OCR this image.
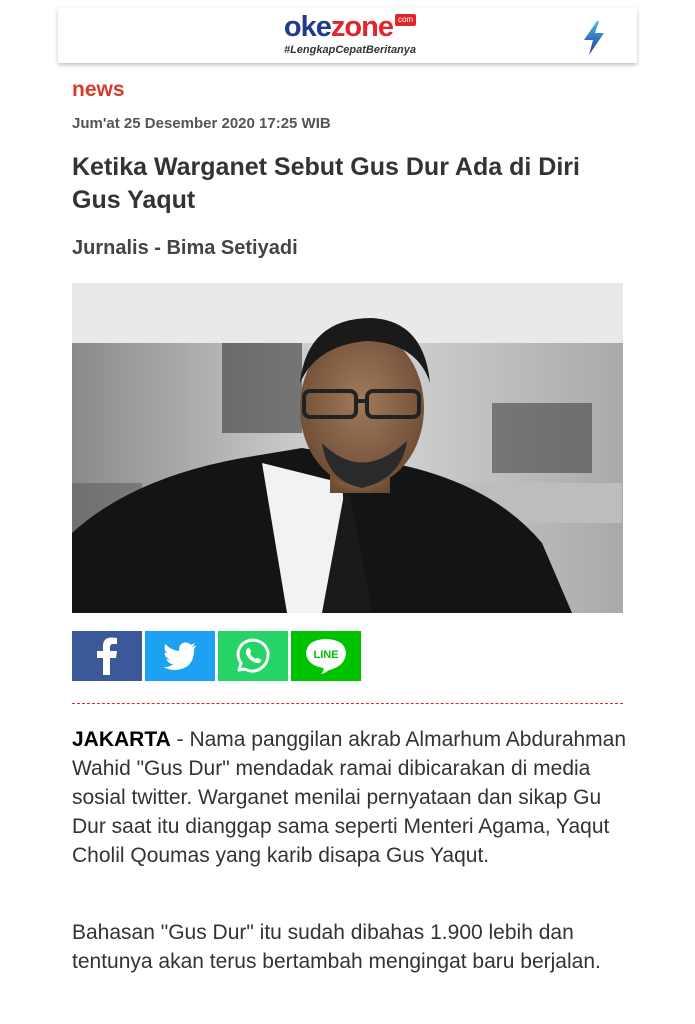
okezone com
#LengkapCepatBeritanya
news
Jum'at 25 Desember 2020 17:25 WIB
Ketika Warganet Sebut Gus Dur Ada di Diri Gus Yaqut
Jurnalis - Bima Setiyadi
LINE

JAKARTA - Nama panggilan akrab Almarhum Abdurahman Wahid "Gus Dur" mendadak ramai dibicarakan di media sosial twitter. Warganet menilai pernyataan dan sikap Gu Dur saat itu dianggap sama seperti Menteri Agama, Yaqut Cholil Qoumas yang karib disapa Gus Yaqut.

Bahasan "Gus Dur" itu sudah dibahas 1.900 lebih dan tentunya akan terus bertambah mengingat baru berjalan.
